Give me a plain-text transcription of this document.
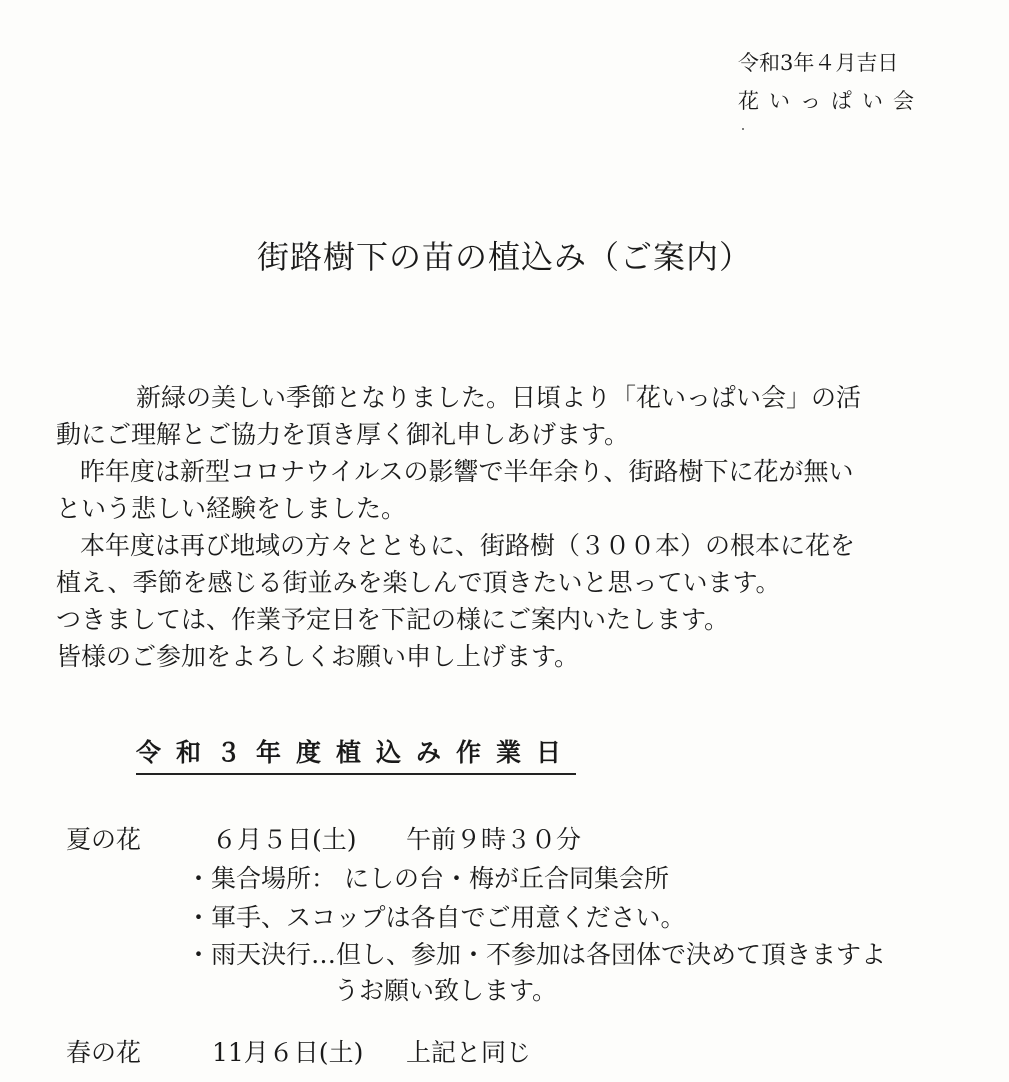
令和3年４月吉日
花いっぱい会
街路樹下の苗の植込み（ご案内）
新緑の美しい季節となりました。日頃より「花いっぱい会」の活
動にご理解とご協力を頂き厚く御礼申しあげます。
昨年度は新型コロナウイルスの影響で半年余り、街路樹下に花が無い
という悲しい経験をしました。
本年度は再び地域の方々とともに、街路樹（３００本）の根本に花を
植え、季節を感じる街並みを楽しんで頂きたいと思っています。
つきましては、作業予定日を下記の様にご案内いたします。
皆様のご参加をよろしくお願い申し上げます。
令和３年度植込み作業日
夏の花	６月５日(土) 午前９時３０分
・集合場所： にしの台・梅が丘合同集会所
・軍手、スコップは各自でご用意ください。
・雨天決行…但し、参加・不参加は各団体で決めて頂きますよ
うお願い致します。
春の花	11月６日(土) 上記と同じ
